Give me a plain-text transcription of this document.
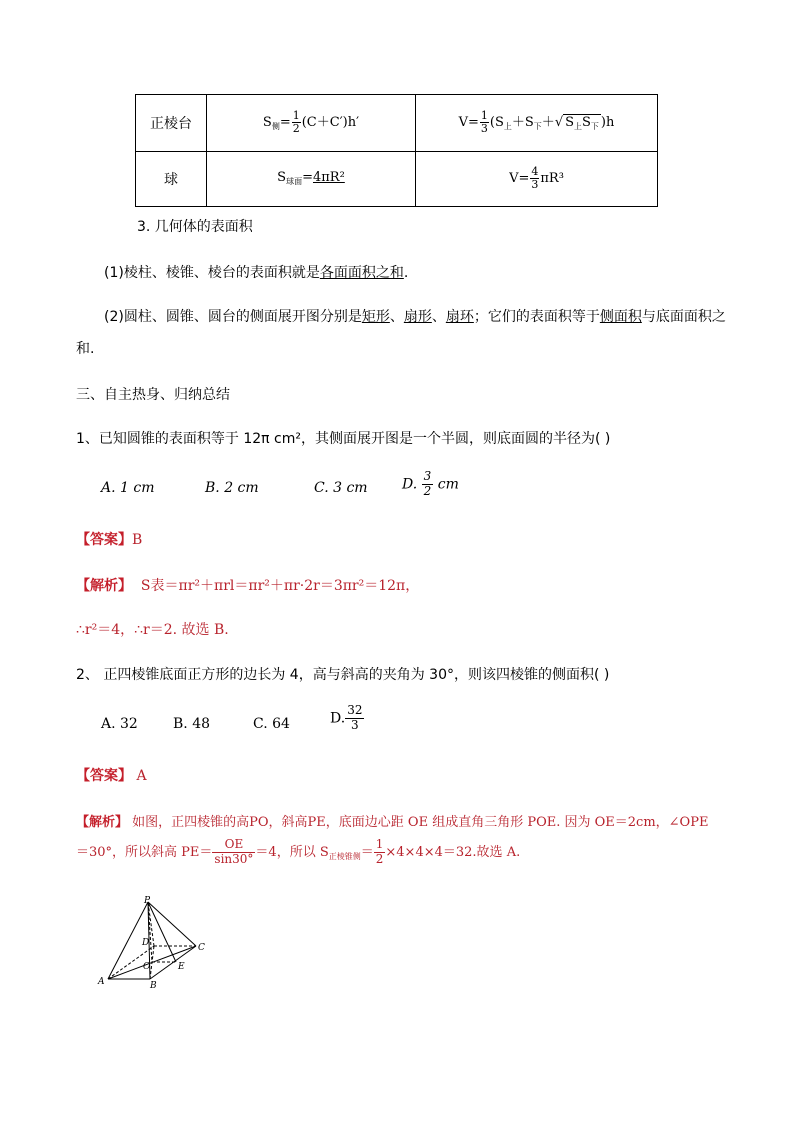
正棱台	$S_侧= \frac{1}{2} (C+C')h'$	$V= \frac{1}{3} (S_上+S_下+√$ $S_上S_下$ )h
球	$S_{球面}=4\pi R^2$	$V= \frac{4}{3} \pi R^3$
3. 几何体的表面积
(1)棱柱、棱锥、棱台的表面积就是各面面积之和.
(2)圆柱、圆锥、圆台的侧面展开图分别是矩形、扇形、扇环；它们的表面积等于侧面积与底面面积之
和.
三、自主热身、归纳总结
1、已知圆锥的表面积等于 12π cm²，其侧面展开图是一个半圆，则底面圆的半径为( )
A. 1 cm	B. 2 cm	C. 3 cm D. $\frac{3}{2}$ cm
【答案】B
【解析】 S表＝πr²＋πrl＝πr²＋πr·2r＝3πr²＝12π，
∴r²＝4，∴r＝2. 故选 B.
2、 正四棱锥底面正方形的边长为 4，高与斜高的夹角为 30°，则该四棱锥的侧面积( )
A. 32	B. 48	C. 64	D. $\frac{32}{3}$
【答案】 A
【解析】 如图，正四棱锥的高PO，斜高PE，底面边心距 OE 组成直角三角形 POE. 因为 OE＝2cm，∠OPE
＝30°，所以斜高 $PE= \frac{OE}{\sin 30^\circ} =4$，所以 $S_{正棱锥侧}= \frac{1}{2} \times 4\times 4\times 4=32$.故选 A.
P
D	C
O	E
A	B
